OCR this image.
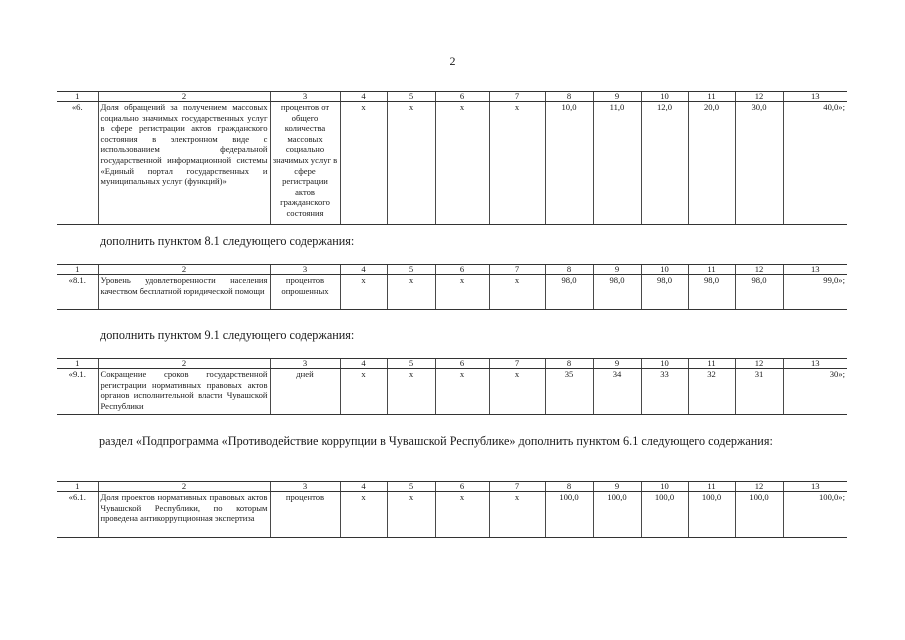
2
1	2	3	4	5	6	7	8	9	10	11	12	13
«6.	Доля обращений за получением массовых социально значимых государственных услуг в сфере регистрации актов гражданского состояния в электронном виде с использованием федеральной государственной информационной системы «Единый портал государственных и муниципальных услуг (функций)»	процентов от общего количества массовых социально значимых услуг в сфере регистрации актов гражданского состояния	х	х	х	х	10,0	11,0	12,0	20,0	30,0	40,0»;
дополнить пунктом 8.1 следующего содержания:
1	2	3	4	5	6	7	8	9	10	11	12	13
«8.1.	Уровень удовлетворенности населения качеством бесплатной юридической помощи	процентов опрошенных	х	х	х	х	98,0	98,0	98,0	98,0	98,0	99,0»;
дополнить пунктом 9.1 следующего содержания:
1	2	3	4	5	6	7	8	9	10	11	12	13
«9.1.	Сокращение сроков государственной регистрации нормативных правовых актов органов исполнительной власти Чувашской Республики	дней	х	х	х	х	35	34	33	32	31	30»;
раздел «Подпрограмма «Противодействие коррупции в Чувашской Республике» дополнить пунктом 6.1 следующего содержания:
1	2	3	4	5	6	7	8	9	10	11	12	13
«6.1.	Доля проектов нормативных правовых актов Чувашской Республики, по которым проведена антикоррупционная экспертиза	процентов	х	х	х	х	100,0	100,0	100,0	100,0	100,0	100,0»;
